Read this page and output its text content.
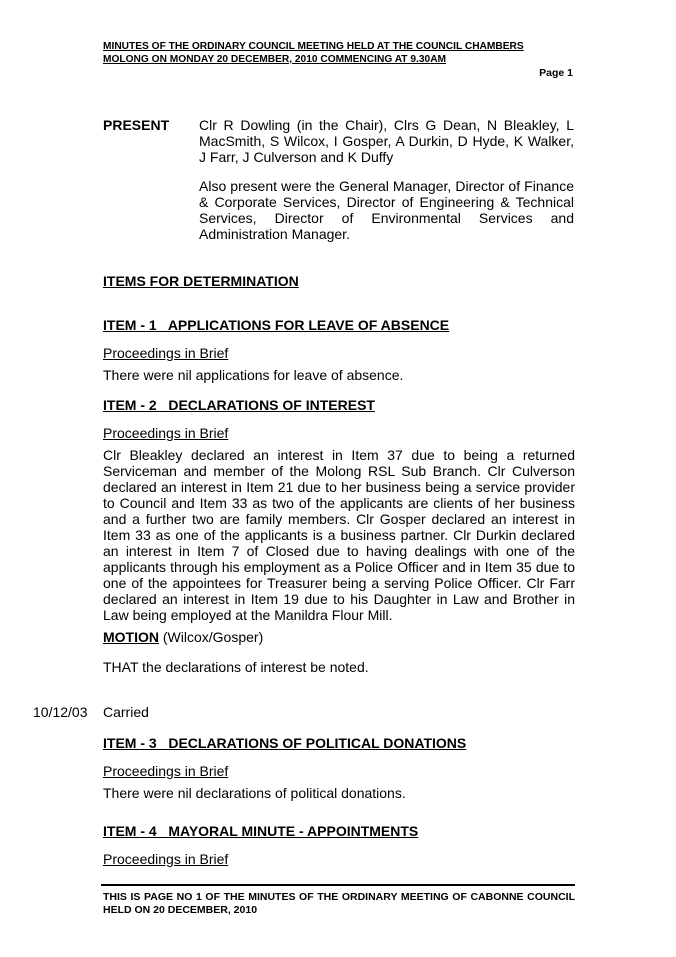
MINUTES OF THE ORDINARY COUNCIL MEETING HELD AT THE COUNCIL CHAMBERS
MOLONG ON MONDAY 20 DECEMBER, 2010 COMMENCING AT 9.30AM
Page 1
PRESENT Clr R Dowling (in the Chair), Clrs G Dean, N Bleakley, L MacSmith, S Wilcox, I Gosper, A Durkin, D Hyde, K Walker, J Farr, J Culverson and K Duffy

Also present were the General Manager, Director of Finance & Corporate Services, Director of Engineering & Technical Services, Director of Environmental Services and Administration Manager.

ITEMS FOR DETERMINATION

ITEM - 1   APPLICATIONS FOR LEAVE OF ABSENCE

Proceedings in Brief

There were nil applications for leave of absence.

ITEM - 2   DECLARATIONS OF INTEREST

Proceedings in Brief

Clr Bleakley declared an interest in Item 37 due to being a returned Serviceman and member of the Molong RSL Sub Branch. Clr Culverson declared an interest in Item 21 due to her business being a service provider to Council and Item 33 as two of the applicants are clients of her business and a further two are family members. Clr Gosper declared an interest in Item 33 as one of the applicants is a business partner. Clr Durkin declared an interest in Item 7 of Closed due to having dealings with one of the applicants through his employment as a Police Officer and in Item 35 due to one of the appointees for Treasurer being a serving Police Officer. Clr Farr declared an interest in Item 19 due to his Daughter in Law and Brother in Law being employed at the Manildra Flour Mill.

MOTION (Wilcox/Gosper)

THAT the declarations of interest be noted.

10/12/03 Carried

ITEM - 3   DECLARATIONS OF POLITICAL DONATIONS

Proceedings in Brief

There were nil declarations of political donations.

ITEM - 4   MAYORAL MINUTE - APPOINTMENTS

Proceedings in Brief

THIS IS PAGE NO 1 OF THE MINUTES OF THE ORDINARY MEETING OF CABONNE COUNCIL HELD ON 20 DECEMBER, 2010
